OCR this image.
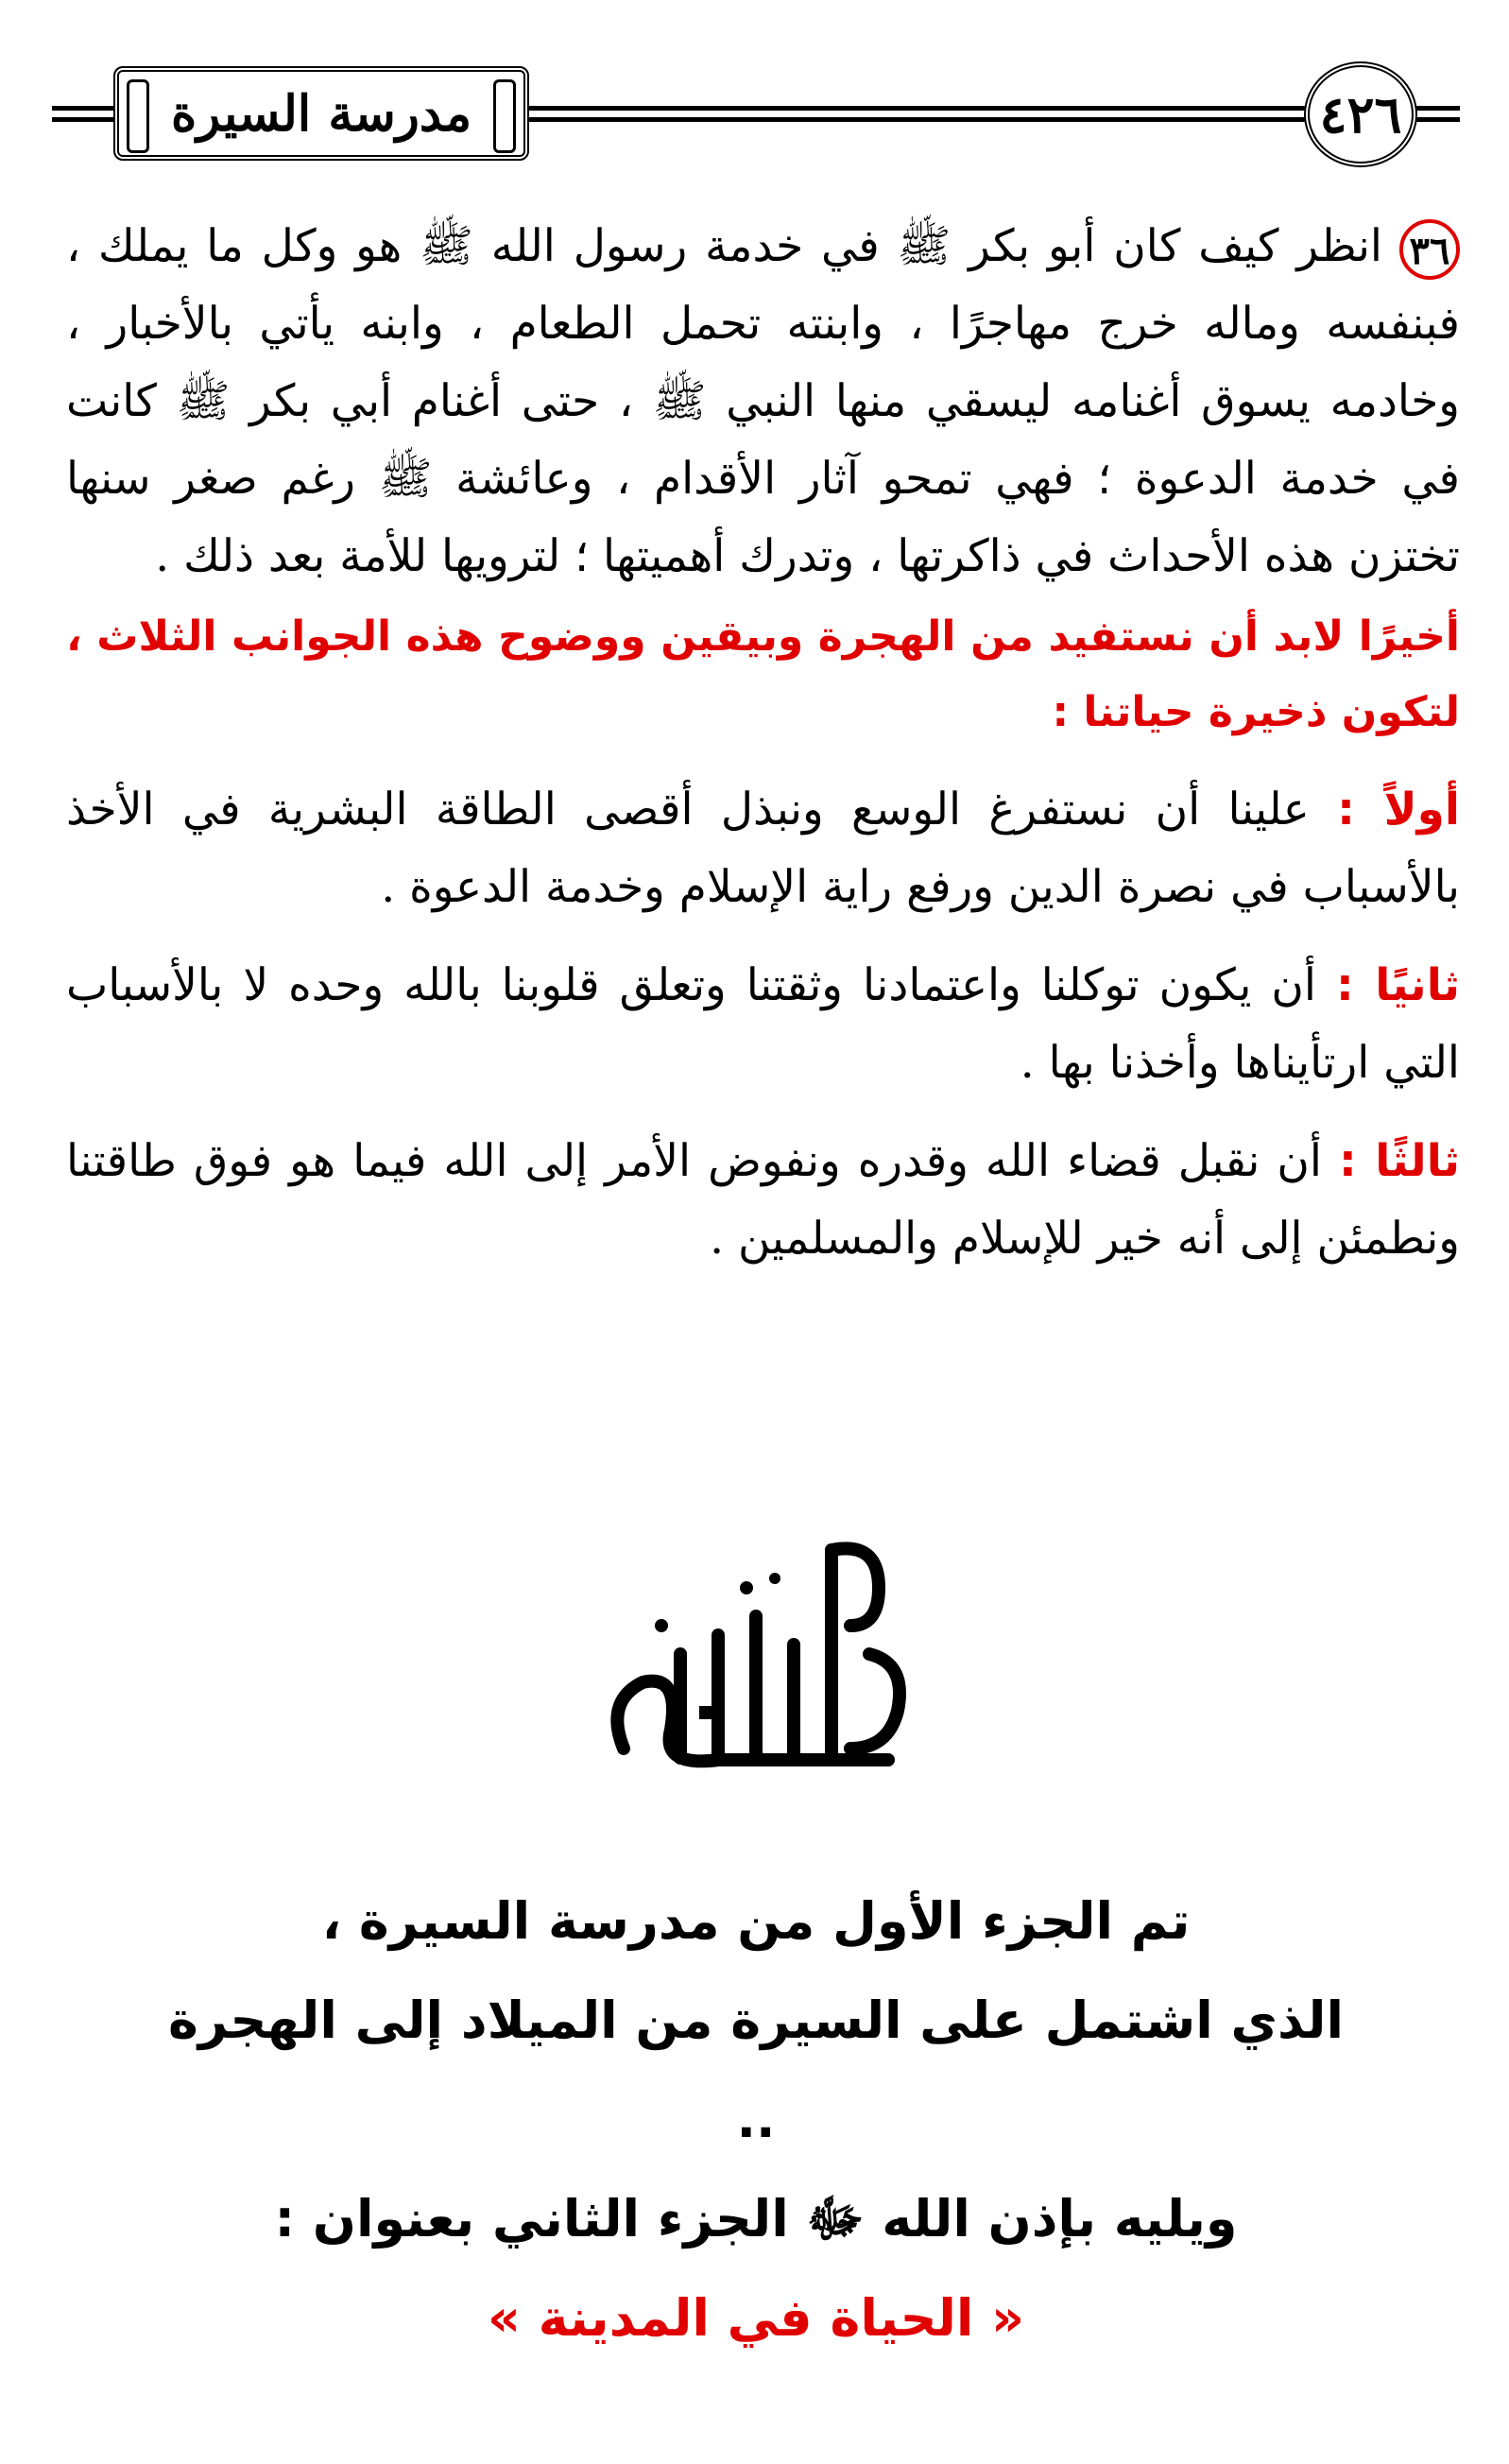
مدرسة السيرة	٤٢٦

٣٦انظر كيف كان أبو بكر ﷺ في خدمة رسول الله ﷺ هو وكل ما يملك ، فبنفسه وماله خرج مهاجرًا ، وابنته تحمل الطعام ، وابنه يأتي بالأخبار ، وخادمه يسوق أغنامه ليسقي منها النبي ﷺ ، حتى أغنام أبي بكر ﷺ كانت في خدمة الدعوة ؛ فهي تمحو آثار الأقدام ، وعائشة ﷺ رغم صغر سنها تختزن هذه الأحداث في ذاكرتها ، وتدرك أهميتها ؛ لترويها للأمة بعد ذلك .

أخيرًا لابد أن نستفيد من الهجرة وبيقين ووضوح هذه الجوانب الثلاث ، لتكون ذخيرة حياتنا :

أولاً : علينا أن نستفرغ الوسع ونبذل أقصى الطاقة البشرية في الأخذ بالأسباب في نصرة الدين ورفع راية الإسلام وخدمة الدعوة .

ثانيًا : أن يكون توكلنا واعتمادنا وثقتنا وتعلق قلوبنا بالله وحده لا بالأسباب التي ارتأيناها وأخذنا بها .

ثالثًا : أن نقبل قضاء الله وقدره ونفوض الأمر إلى الله فيما هو فوق طاقتنا ونطمئن إلى أنه خير للإسلام والمسلمين .

تم بحمد الله
تم الجزء الأول من مدرسة السيرة ،
الذي اشتمل على السيرة من الميلاد إلى الهجرة ..
ويليه بإذن الله ﷻ الجزء الثاني بعنوان :
« الحياة في المدينة »
